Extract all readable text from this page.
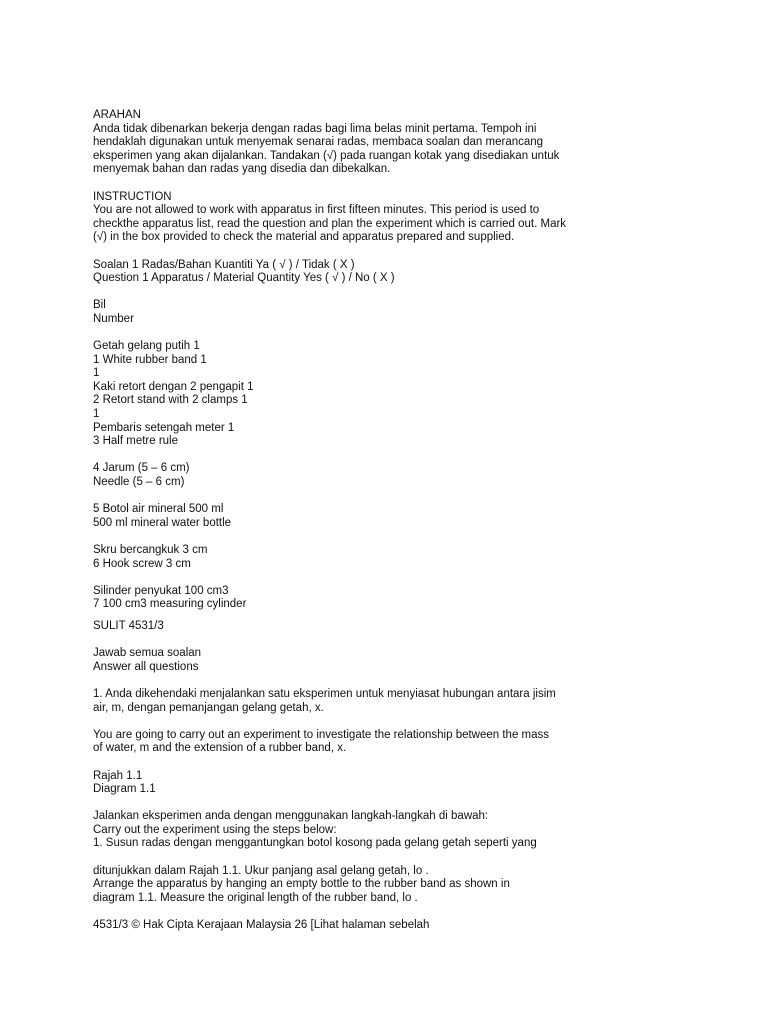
ARAHAN
Anda tidak dibenarkan bekerja dengan radas bagi lima belas minit pertama. Tempoh ini
hendaklah digunakan untuk menyemak senarai radas, membaca soalan dan merancang
eksperimen yang akan dijalankan. Tandakan (√) pada ruangan kotak yang disediakan untuk
menyemak bahan dan radas yang disedia dan dibekalkan.
INSTRUCTION
You are not allowed to work with apparatus in first fifteen minutes. This period is used to
checkthe apparatus list, read the question and plan the experiment which is carried out. Mark
(√) in the box provided to check the material and apparatus prepared and supplied.
Soalan 1 Radas/Bahan Kuantiti Ya ( √ ) / Tidak ( X )
Question 1 Apparatus / Material Quantity Yes ( √ ) / No ( X )
Bil
Number
Getah gelang putih 1
1 White rubber band 1
1
Kaki retort dengan 2 pengapit 1
2 Retort stand with 2 clamps 1
1
Pembaris setengah meter 1
3 Half metre rule
4 Jarum (5 – 6 cm)
Needle (5 – 6 cm)
5 Botol air mineral 500 ml
500 ml mineral water bottle
Skru bercangkuk 3 cm
6 Hook screw 3 cm
Silinder penyukat 100 cm3
7 100 cm3 measuring cylinder
SULIT 4531/3
Jawab semua soalan
Answer all questions
1. Anda dikehendaki menjalankan satu eksperimen untuk menyiasat hubungan antara jisim
air, m, dengan pemanjangan gelang getah, x.
You are going to carry out an experiment to investigate the relationship between the mass
of water, m and the extension of a rubber band, x.
Rajah 1.1
Diagram 1.1
Jalankan eksperimen anda dengan menggunakan langkah-langkah di bawah:
Carry out the experiment using the steps below:
1. Susun radas dengan menggantungkan botol kosong pada gelang getah seperti yang
ditunjukkan dalam Rajah 1.1. Ukur panjang asal gelang getah, lo .
Arrange the apparatus by hanging an empty bottle to the rubber band as shown in
diagram 1.1. Measure the original length of the rubber band, lo .
4531/3 © Hak Cipta Kerajaan Malaysia 26 [Lihat halaman sebelah
